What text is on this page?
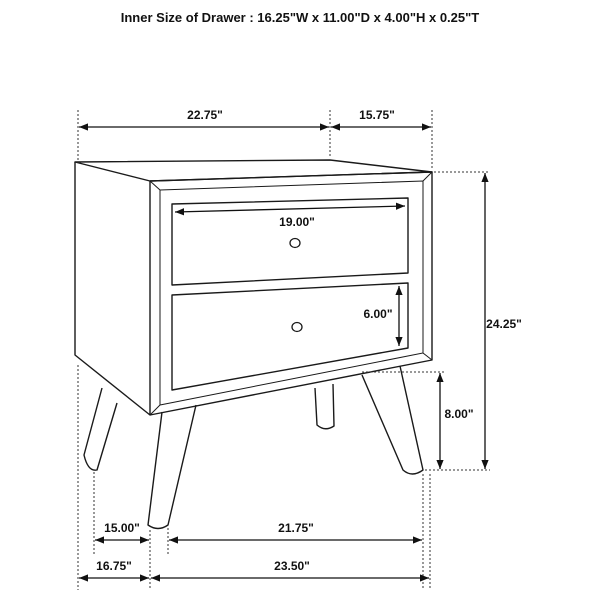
Inner Size of Drawer : 16.25"W x 11.00"D x 4.00"H x 0.25"T
22.75"	15.75"
19.00"
6.00"
24.25"
8.00"
15.00"	21.75"
16.75"	23.50"
